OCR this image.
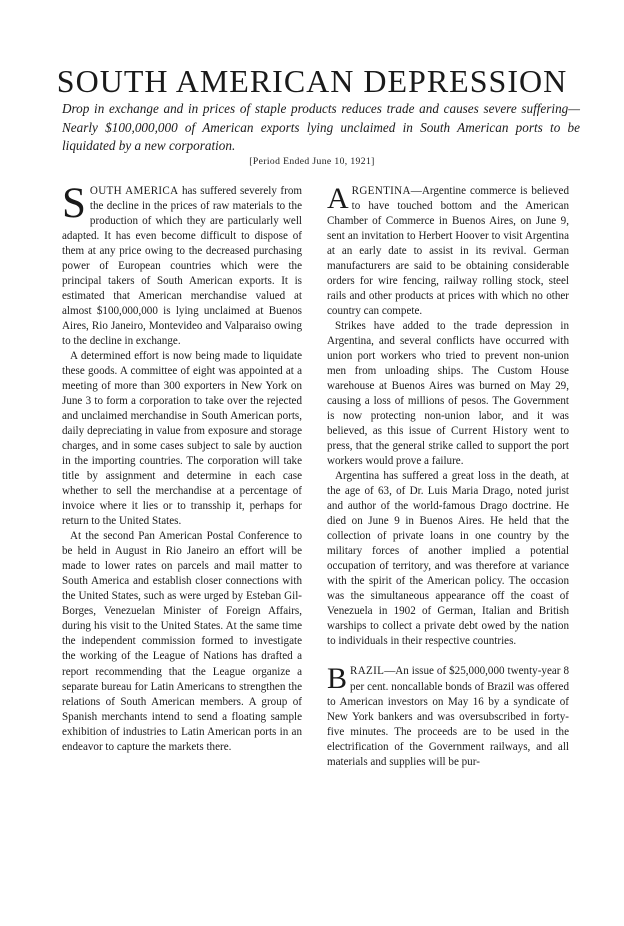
SOUTH AMERICAN DEPRESSION
Drop in exchange and in prices of staple products reduces trade and causes severe suffering—Nearly $100,000,000 of American exports lying unclaimed in South American ports to be liquidated by a new corporation.
[Period Ended June 10, 1921]

SOUTH AMERICA has suffered severely from the decline in the prices of raw materials to the production of which they are particularly well adapted. It has even become difficult to dispose of them at any price owing to the decreased purchasing power of European countries which were the principal takers of South American exports. It is estimated that American merchandise valued at almost $100,000,000 is lying unclaimed at Buenos Aires, Rio Janeiro, Montevideo and Valparaiso owing to the decline in exchange.

A determined effort is now being made to liquidate these goods. A committee of eight was appointed at a meeting of more than 300 exporters in New York on June 3 to form a corporation to take over the rejected and unclaimed merchandise in South American ports, daily depreciating in value from exposure and storage charges, and in some cases subject to sale by auction in the importing countries. The corporation will take title by assignment and determine in each case whether to sell the merchandise at a percentage of invoice where it lies or to transship it, perhaps for return to the United States.

At the second Pan American Postal Conference to be held in August in Rio Janeiro an effort will be made to lower rates on parcels and mail matter to South America and establish closer connections with the United States, such as were urged by Esteban Gil-Borges, Venezuelan Minister of Foreign Affairs, during his visit to the United States. At the same time the independent commission formed to investigate the working of the League of Nations has drafted a report recommending that the League organize a separate bureau for Latin Americans to strengthen the relations of South American members. A group of Spanish merchants intend to send a floating sample exhibition of industries to Latin American ports in an endeavor to capture the markets there.

ARGENTINA—Argentine commerce is believed to have touched bottom and the American Chamber of Commerce in Buenos Aires, on June 9, sent an invitation to Herbert Hoover to visit Argentina at an early date to assist in its revival. German manufacturers are said to be obtaining considerable orders for wire fencing, railway rolling stock, steel rails and other products at prices with which no other country can compete.

Strikes have added to the trade depression in Argentina, and several conflicts have occurred with union port workers who tried to prevent non-union men from unloading ships. The Custom House warehouse at Buenos Aires was burned on May 29, causing a loss of millions of pesos. The Government is now protecting non-union labor, and it was believed, as this issue of Current History went to press, that the general strike called to support the port workers would prove a failure.

Argentina has suffered a great loss in the death, at the age of 63, of Dr. Luis Maria Drago, noted jurist and author of the world-famous Drago doctrine. He died on June 9 in Buenos Aires. He held that the collection of private loans in one country by the military forces of another implied a potential occupation of territory, and was therefore at variance with the spirit of the American policy. The occasion was the simultaneous appearance off the coast of Venezuela in 1902 of German, Italian and British warships to collect a private debt owed by the nation to individuals in their respective countries.

BRAZIL—An issue of $25,000,000 twenty-year 8 per cent. noncallable bonds of Brazil was offered to American investors on May 16 by a syndicate of New York bankers and was oversubscribed in forty-five minutes. The proceeds are to be used in the electrification of the Government railways, and all materials and supplies will be pur-
